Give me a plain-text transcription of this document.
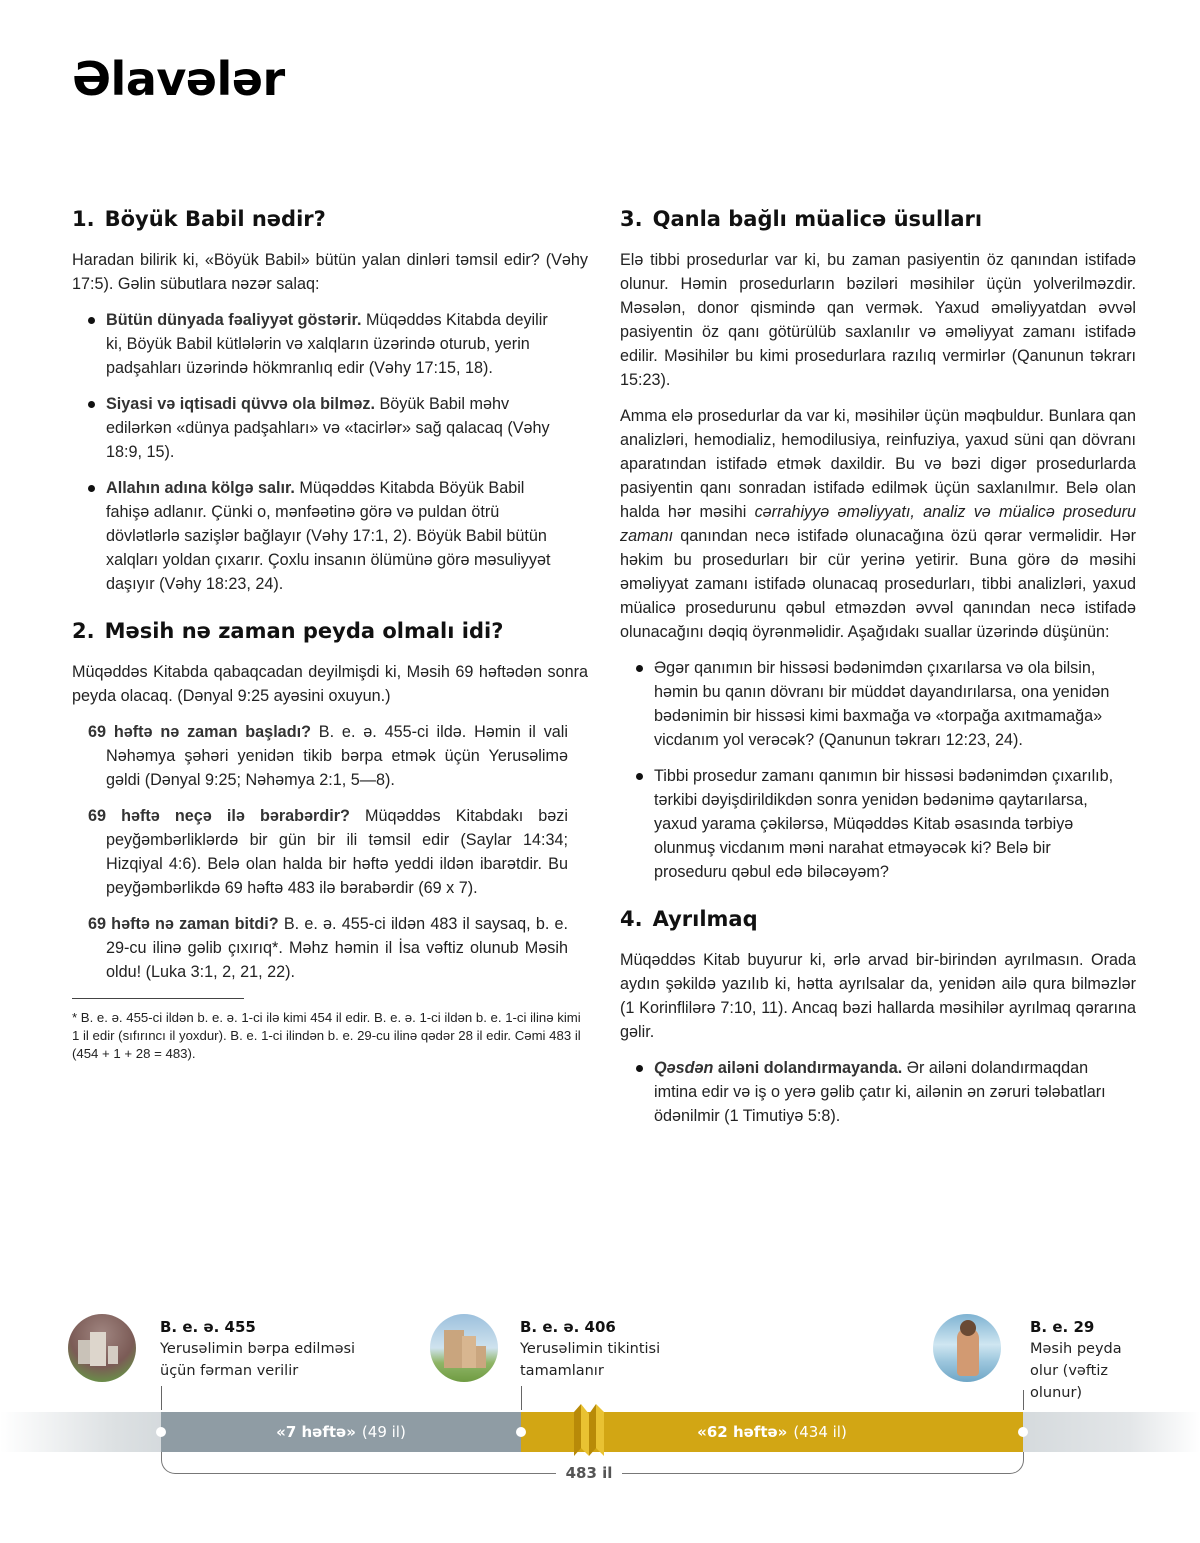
Əlavələr
1. Böyük Babil nədir?

Haradan bilirik ki, «Böyük Babil» bütün yalan dinləri təmsil edir? (Vəhy 17:5). Gəlin sübutlara nəzər salaq:

Bütün dünyada fəaliyyət göstərir. Müqəddəs Kitabda deyilir ki, Böyük Babil kütlələrin və xalqların üzərində oturub, yerin padşahları üzərində hökmranlıq edir (Vəhy 17:15, 18).
Siyasi və iqtisadi qüvvə ola bilməz. Böyük Babil məhv edilərkən «dünya padşahları» və «tacirlər» sağ qalacaq (Vəhy 18:9, 15).
Allahın adına kölgə salır. Müqəddəs Kitabda Böyük Babil fahişə adlanır. Çünki o, mənfəətinə görə və puldan ötrü dövlətlərlə sazişlər bağlayır (Vəhy 17:1, 2). Böyük Babil bütün xalqları yoldan çıxarır. Çoxlu insanın ölümünə görə məsuliyyət daşıyır (Vəhy 18:23, 24).
2. Məsih nə zaman peyda olmalı idi?

Müqəddəs Kitabda qabaqcadan deyilmişdi ki, Məsih 69 həftədən sonra peyda olacaq. (Dənyal 9:25 ayəsini oxuyun.)

69 həftə nə zaman başladı? B. e. ə. 455-ci ildə. Həmin il vali Nəhəmya şəhəri yenidən tikib bərpa etmək üçün Yerusəlimə gəldi (Dənyal 9:25; Nəhəmya 2:1, 5—8).
69 həftə neçə ilə bərabərdir? Müqəddəs Kitabdakı bəzi peyğəmbərliklərdə bir gün bir ili təmsil edir (Saylar 14:34; Hizqiyal 4:6). Belə olan halda bir həftə yeddi ildən ibarətdir. Bu peyğəmbərlikdə 69 həftə 483 ilə bərabərdir (69 x 7).
69 həftə nə zaman bitdi? B. e. ə. 455-ci ildən 483 il saysaq, b. e. 29-cu ilinə gəlib çıxırıq*. Məhz həmin il İsa vəftiz olunub Məsih oldu! (Luka 3:1, 2, 21, 22).
* B. e. ə. 455-ci ildən b. e. ə. 1-ci ilə kimi 454 il edir. B. e. ə. 1-ci ildən b. e. 1-ci ilinə kimi 1 il edir (sıfırıncı il yoxdur). B. e. 1-ci ilindən b. e. 29-cu ilinə qədər 28 il edir. Cəmi 483 il (454 + 1 + 28 = 483).
3. Qanla bağlı müalicə üsulları

Elə tibbi prosedurlar var ki, bu zaman pasiyentin öz qanından istifadə olunur. Həmin prosedurların bəziləri məsihilər üçün yolverilməzdir. Məsələn, donor qismində qan vermək. Yaxud əməliyyatdan əvvəl pasiyentin öz qanı götürülüb saxlanılır və əməliyyat zamanı istifadə edilir. Məsihilər bu kimi prosedurlara razılıq vermirlər (Qanunun təkrarı 15:23).

Amma elə prosedurlar da var ki, məsihilər üçün məqbuldur. Bunlara qan analizləri, hemodializ, hemodilusiya, reinfuziya, yaxud süni qan dövranı aparatından istifadə etmək daxildir. Bu və bəzi digər prosedurlarda pasiyentin qanı sonradan istifadə edilmək üçün saxlanılmır. Belə olan halda hər məsihi cərrahiyyə əməliyyatı, analiz və müalicə proseduru zamanı qanından necə istifadə olunacağına özü qərar verməlidir. Hər həkim bu prosedurları bir cür yerinə yetirir. Buna görə də məsihi əməliyyat zamanı istifadə olunacaq prosedurları, tibbi analizləri, yaxud müalicə prosedurunu qəbul etməzdən əvvəl qanından necə istifadə olunacağını dəqiq öyrənməlidir. Aşağıdakı suallar üzərində düşünün:

Əgər qanımın bir hissəsi bədənimdən çıxarılarsa və ola bilsin, həmin bu qanın dövranı bir müddət dayandırılarsa, ona yenidən bədənimin bir hissəsi kimi baxmağa və «torpağa axıtmamağa» vicdanım yol verəcək? (Qanunun təkrarı 12:23, 24).
Tibbi prosedur zamanı qanımın bir hissəsi bədənimdən çıxarılıb, tərkibi dəyişdirildikdən sonra yenidən bədənimə qaytarılarsa, yaxud yarama çəkilərsə, Müqəddəs Kitab əsasında tərbiyə olunmuş vicdanım məni narahat etməyəcək ki? Belə bir proseduru qəbul edə biləcəyəm?
4. Ayrılmaq

Müqəddəs Kitab buyurur ki, ərlə arvad bir-birindən ayrılmasın. Orada aydın şəkildə yazılıb ki, hətta ayrılsalar da, yenidən ailə qura bilməzlər (1 Korinflilərə 7:10, 11). Ancaq bəzi hallarda məsihilər ayrılmaq qərarına gəlir.

Qəsdən ailəni dolandırmayanda. Ər ailəni dolandırmaqdan imtina edir və iş o yerə gəlib çatır ki, ailənin ən zəruri tələbatları ödənilmir (1 Timutiyə 5:8).
B. e. ə. 455
Yerusəlimin bərpa edilməsi
üçün fərman verilir
B. e. ə. 406
Yerusəlimin tikintisi
tamamlanır
B. e. 29
Məsih peyda
olur (vəftiz
olunur)
«7 həftə» (49 il)	«62 həftə» (434 il)
483 il
